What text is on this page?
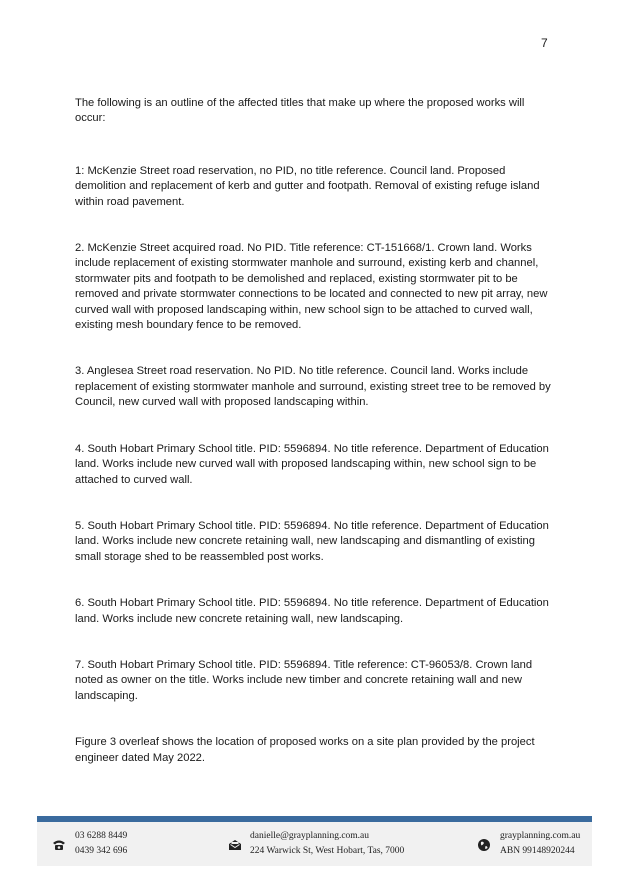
7

The following is an outline of the affected titles that make up where the proposed works will occur:

1: McKenzie Street road reservation, no PID, no title reference. Council land. Proposed demolition and replacement of kerb and gutter and footpath. Removal of existing refuge island within road pavement.

2. McKenzie Street acquired road. No PID. Title reference: CT-151668/1. Crown land. Works include replacement of existing stormwater manhole and surround, existing kerb and channel, stormwater pits and footpath to be demolished and replaced, existing stormwater pit to be removed and private stormwater connections to be located and connected to new pit array, new curved wall with proposed landscaping within, new school sign to be attached to curved wall, existing mesh boundary fence to be removed.

3. Anglesea Street road reservation. No PID. No title reference. Council land. Works include replacement of existing stormwater manhole and surround, existing street tree to be removed by Council, new curved wall with proposed landscaping within.

4. South Hobart Primary School title. PID: 5596894. No title reference. Department of Education land. Works include new curved wall with proposed landscaping within, new school sign to be attached to curved wall.

5. South Hobart Primary School title. PID: 5596894. No title reference. Department of Education land. Works include new concrete retaining wall, new landscaping and dismantling of existing small storage shed to be reassembled post works.

6. South Hobart Primary School title. PID: 5596894. No title reference. Department of Education land. Works include new concrete retaining wall, new landscaping.

7. South Hobart Primary School title. PID: 5596894. Title reference: CT-96053/8. Crown land noted as owner on the title. Works include new timber and concrete retaining wall and new landscaping.

Figure 3 overleaf shows the location of proposed works on a site plan provided by the project engineer dated May 2022.

03 6288 8449
0439 342 696
danielle@grayplanning.com.au
224 Warwick St, West Hobart, Tas, 7000
grayplanning.com.au
ABN 9914892024​4
